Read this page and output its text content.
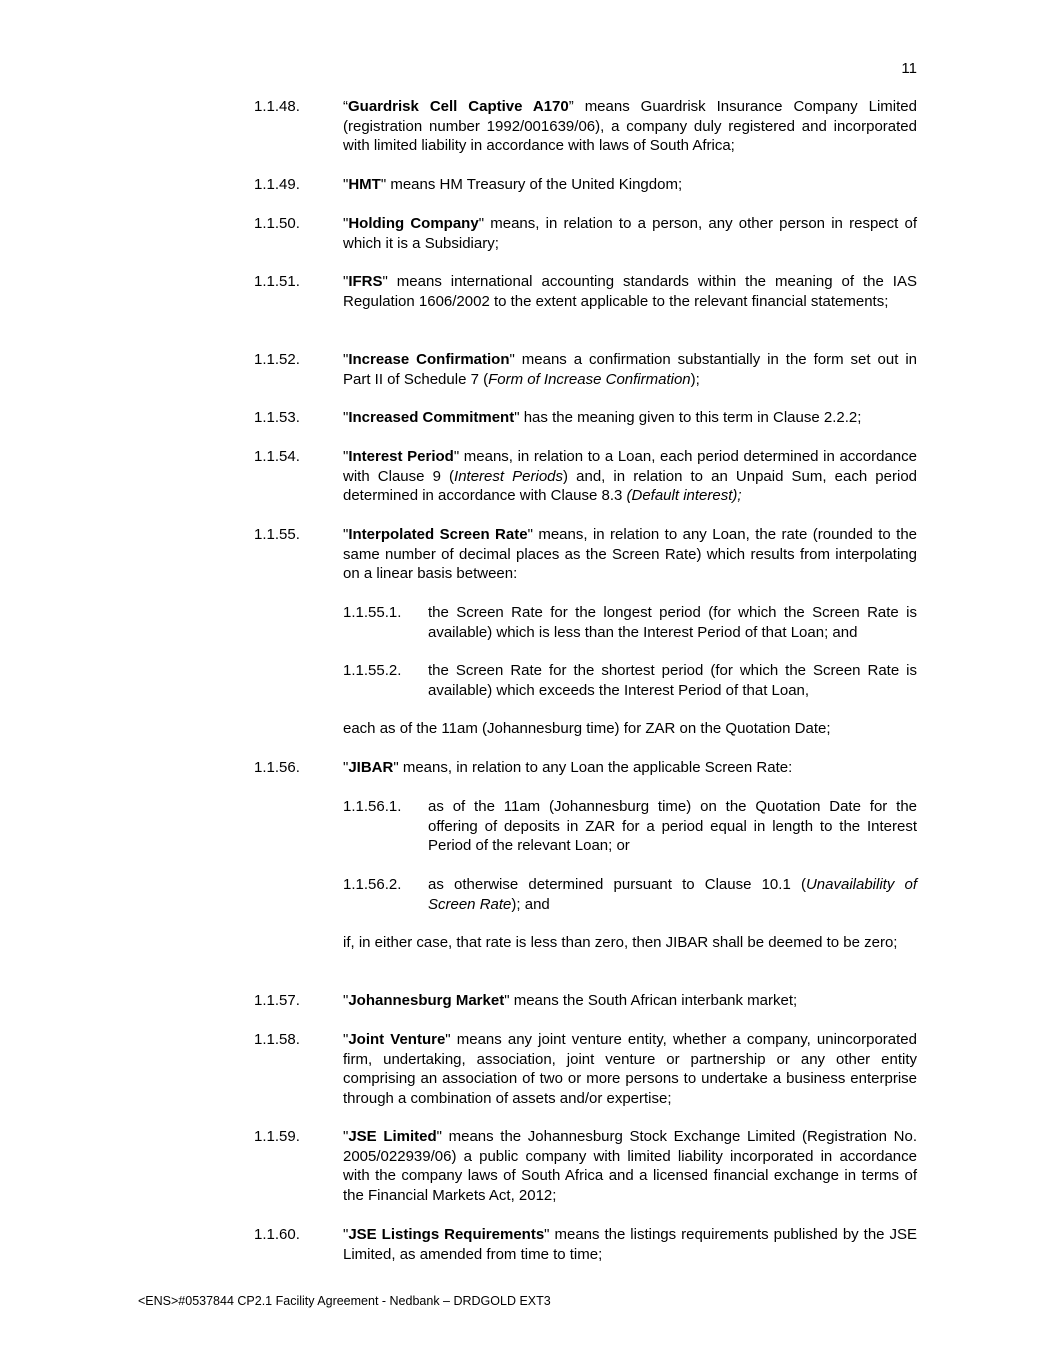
11
1.1.48.	“Guardrisk Cell Captive A170” means Guardrisk Insurance Company Limited (registration number 1992/001639/06), a company duly registered and incorporated with limited liability in accordance with laws of South Africa;
1.1.49.	"HMT" means HM Treasury of the United Kingdom;
1.1.50.	"Holding Company" means, in relation to a person, any other person in respect of which it is a Subsidiary;
1.1.51.	"IFRS" means international accounting standards within the meaning of the IAS Regulation 1606/2002 to the extent applicable to the relevant financial statements;
1.1.52.	"Increase Confirmation" means a confirmation substantially in the form set out in Part II of Schedule 7 (Form of Increase Confirmation);
1.1.53.	"Increased Commitment" has the meaning given to this term in Clause 2.2.2;
1.1.54.	"Interest Period" means, in relation to a Loan, each period determined in accordance with Clause 9 (Interest Periods) and, in relation to an Unpaid Sum, each period determined in accordance with Clause 8.3 (Default interest);
1.1.55.	"Interpolated Screen Rate" means, in relation to any Loan, the rate (rounded to the same number of decimal places as the Screen Rate) which results from interpolating on a linear basis between:
1.1.55.1. the Screen Rate for the longest period (for which the Screen Rate is available) which is less than the Interest Period of that Loan; and
1.1.55.2. the Screen Rate for the shortest period (for which the Screen Rate is available) which exceeds the Interest Period of that Loan,
each as of the 11am (Johannesburg time) for ZAR on the Quotation Date;
1.1.56.	"JIBAR" means, in relation to any Loan the applicable Screen Rate:
1.1.56.1. as of the 11am (Johannesburg time) on the Quotation Date for the offering of deposits in ZAR for a period equal in length to the Interest Period of the relevant Loan; or
1.1.56.2. as otherwise determined pursuant to Clause 10.1 (Unavailability of Screen Rate); and
if, in either case, that rate is less than zero, then JIBAR shall be deemed to be zero;
1.1.57.	"Johannesburg Market" means the South African interbank market;
1.1.58.	"Joint Venture" means any joint venture entity, whether a company, unincorporated firm, undertaking, association, joint venture or partnership or any other entity comprising an association of two or more persons to undertake a business enterprise through a combination of assets and/or expertise;
1.1.59.	"JSE Limited" means the Johannesburg Stock Exchange Limited (Registration No. 2005/022939/06) a public company with limited liability incorporated in accordance with the company laws of South Africa and a licensed financial exchange in terms of the Financial Markets Act, 2012;
1.1.60.	"JSE Listings Requirements" means the listings requirements published by the JSE Limited, as amended from time to time;
<ENS>#0537844 CP2.1 Facility Agreement - Nedbank – DRDGOLD EXT3
